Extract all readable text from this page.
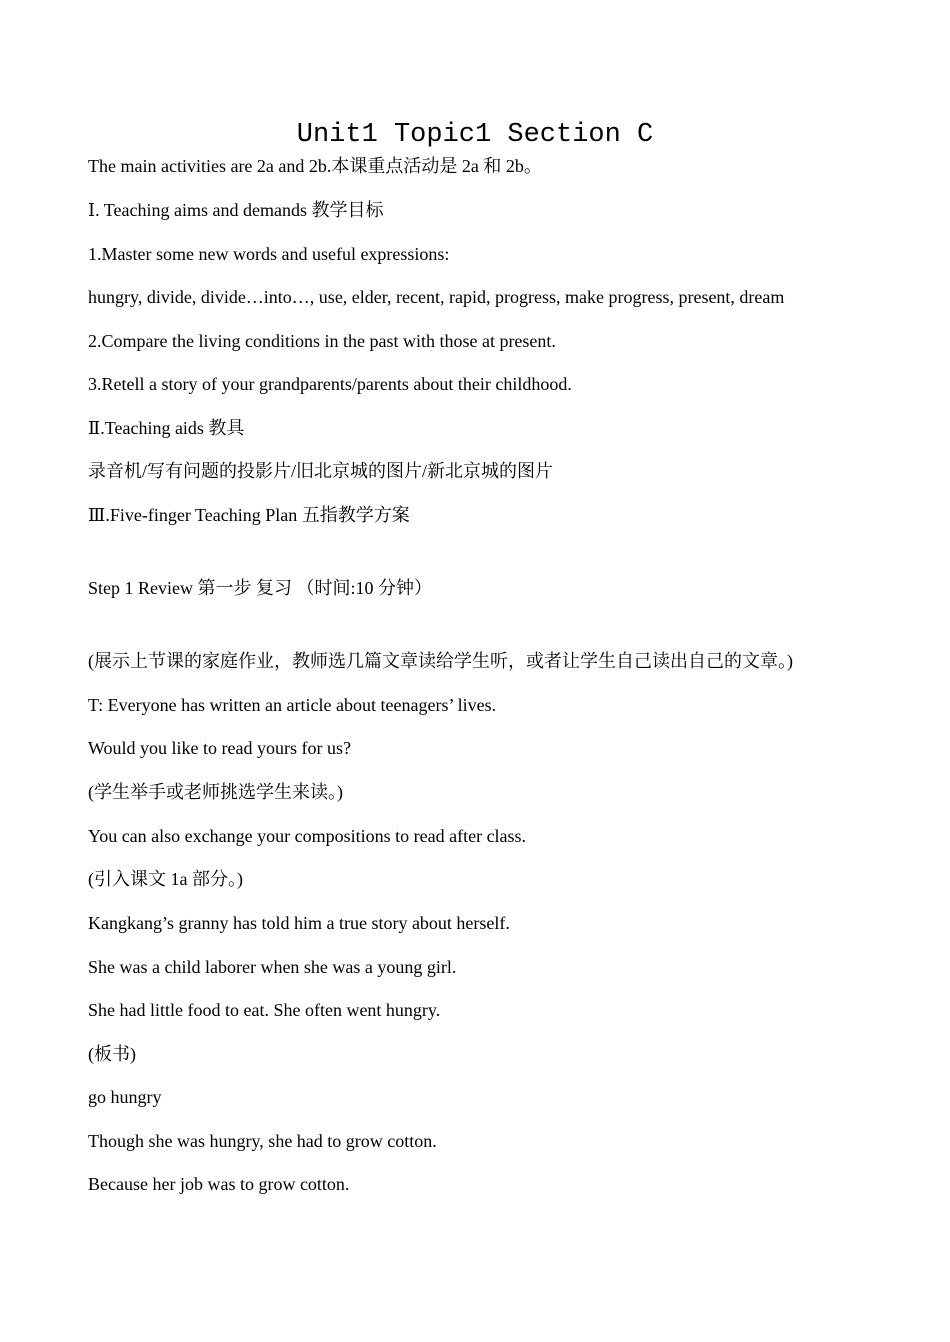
Unit1 Topic1 Section C
The main activities are 2a and 2b.本课重点活动是 2a 和 2b。
Ⅰ. Teaching aims and demands 教学目标
1.Master some new words and useful expressions:
hungry, divide, divide…into…, use, elder, recent, rapid, progress, make progress, present, dream
2.Compare the living conditions in the past with those at present.
3.Retell a story of your grandparents/parents about their childhood.
Ⅱ.Teaching aids 教具
录音机/写有问题的投影片/旧北京城的图片/新北京城的图片
Ⅲ.Five-finger Teaching Plan 五指教学方案
Step 1 Review 第一步 复习 （时间:10 分钟）
(展示上节课的家庭作业，教师选几篇文章读给学生听，或者让学生自己读出自己的文章。)
T: Everyone has written an article about teenagers’ lives.
Would you like to read yours for us?
(学生举手或老师挑选学生来读。)
You can also exchange your compositions to read after class.
(引入课文 1a 部分。)
Kangkang’s granny has told him a true story about herself.
She was a child laborer when she was a young girl.
She had little food to eat. She often went hungry.
(板书)
go hungry
Though she was hungry, she had to grow cotton.
Because her job was to grow cotton.
